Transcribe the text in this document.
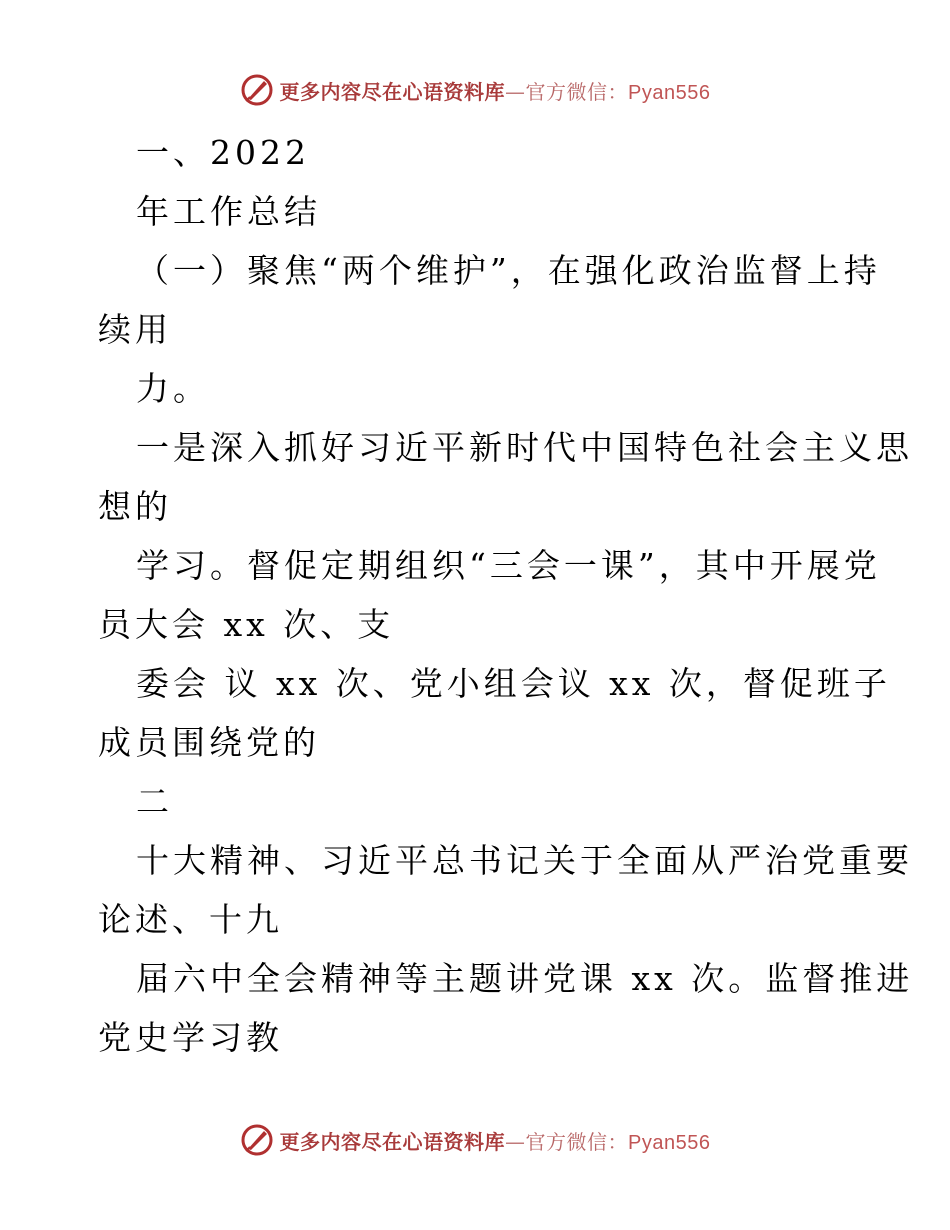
更多内容尽在心语资料库—官方微信：Pyan556
一、2022
年工作总结
（一）聚焦“两个维护”，在强化政治监督上持
续用
力。
一是深入抓好习近平新时代中国特色社会主义思
想的
学习。督促定期组织“三会一课”，其中开展党
员大会 xx 次、支
委会 议 xx 次、党小组会议 xx 次，督促班子
成员围绕党的
二
十大精神、习近平总书记关于全面从严治党重要
论述、十九
届六中全会精神等主题讲党课 xx 次。监督推进
党史学习教
更多内容尽在心语资料库—官方微信：Pyan556
